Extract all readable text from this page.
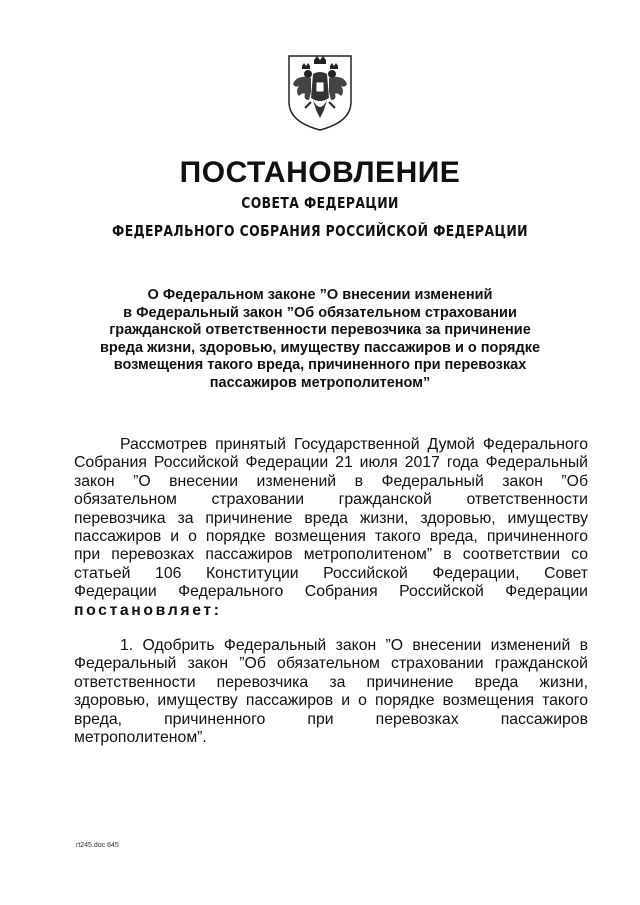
ПОСТАНОВЛЕНИЕ
СОВЕТА ФЕДЕРАЦИИ
ФЕДЕРАЛЬНОГО СОБРАНИЯ РОССИЙСКОЙ ФЕДЕРАЦИИ
О Федеральном законе ”О внесении изменений
в Федеральный закон ”Об обязательном страховании
гражданской ответственности перевозчика за причинение
вреда жизни, здоровью, имуществу пассажиров и о порядке
возмещения такого вреда, причиненного при перевозках
пассажиров метрополитеном”
Рассмотрев принятый Государственной Думой Федерального
Собрания Российской Федерации 21 июля 2017 года Федеральный
закон ”О внесении изменений в Федеральный закон ”Об
обязательном страховании гражданской ответственности
перевозчика за причинение вреда жизни, здоровью, имуществу
пассажиров и о порядке возмещения такого вреда, причиненного
при перевозках пассажиров метрополитеном” в соответствии со
статьей 106 Конституции Российской Федерации, Совет
Федерации Федерального Собрания Российской Федерации
постановляет:
1. Одобрить Федеральный закон ”О внесении изменений в
Федеральный закон ”Об обязательном страховании гражданской
ответственности перевозчика за причинение вреда жизни,
здоровью, имуществу пассажиров и о порядке возмещения такого
вреда, причиненного при перевозках пассажиров
метрополитеном”.
rt245.doc 645
